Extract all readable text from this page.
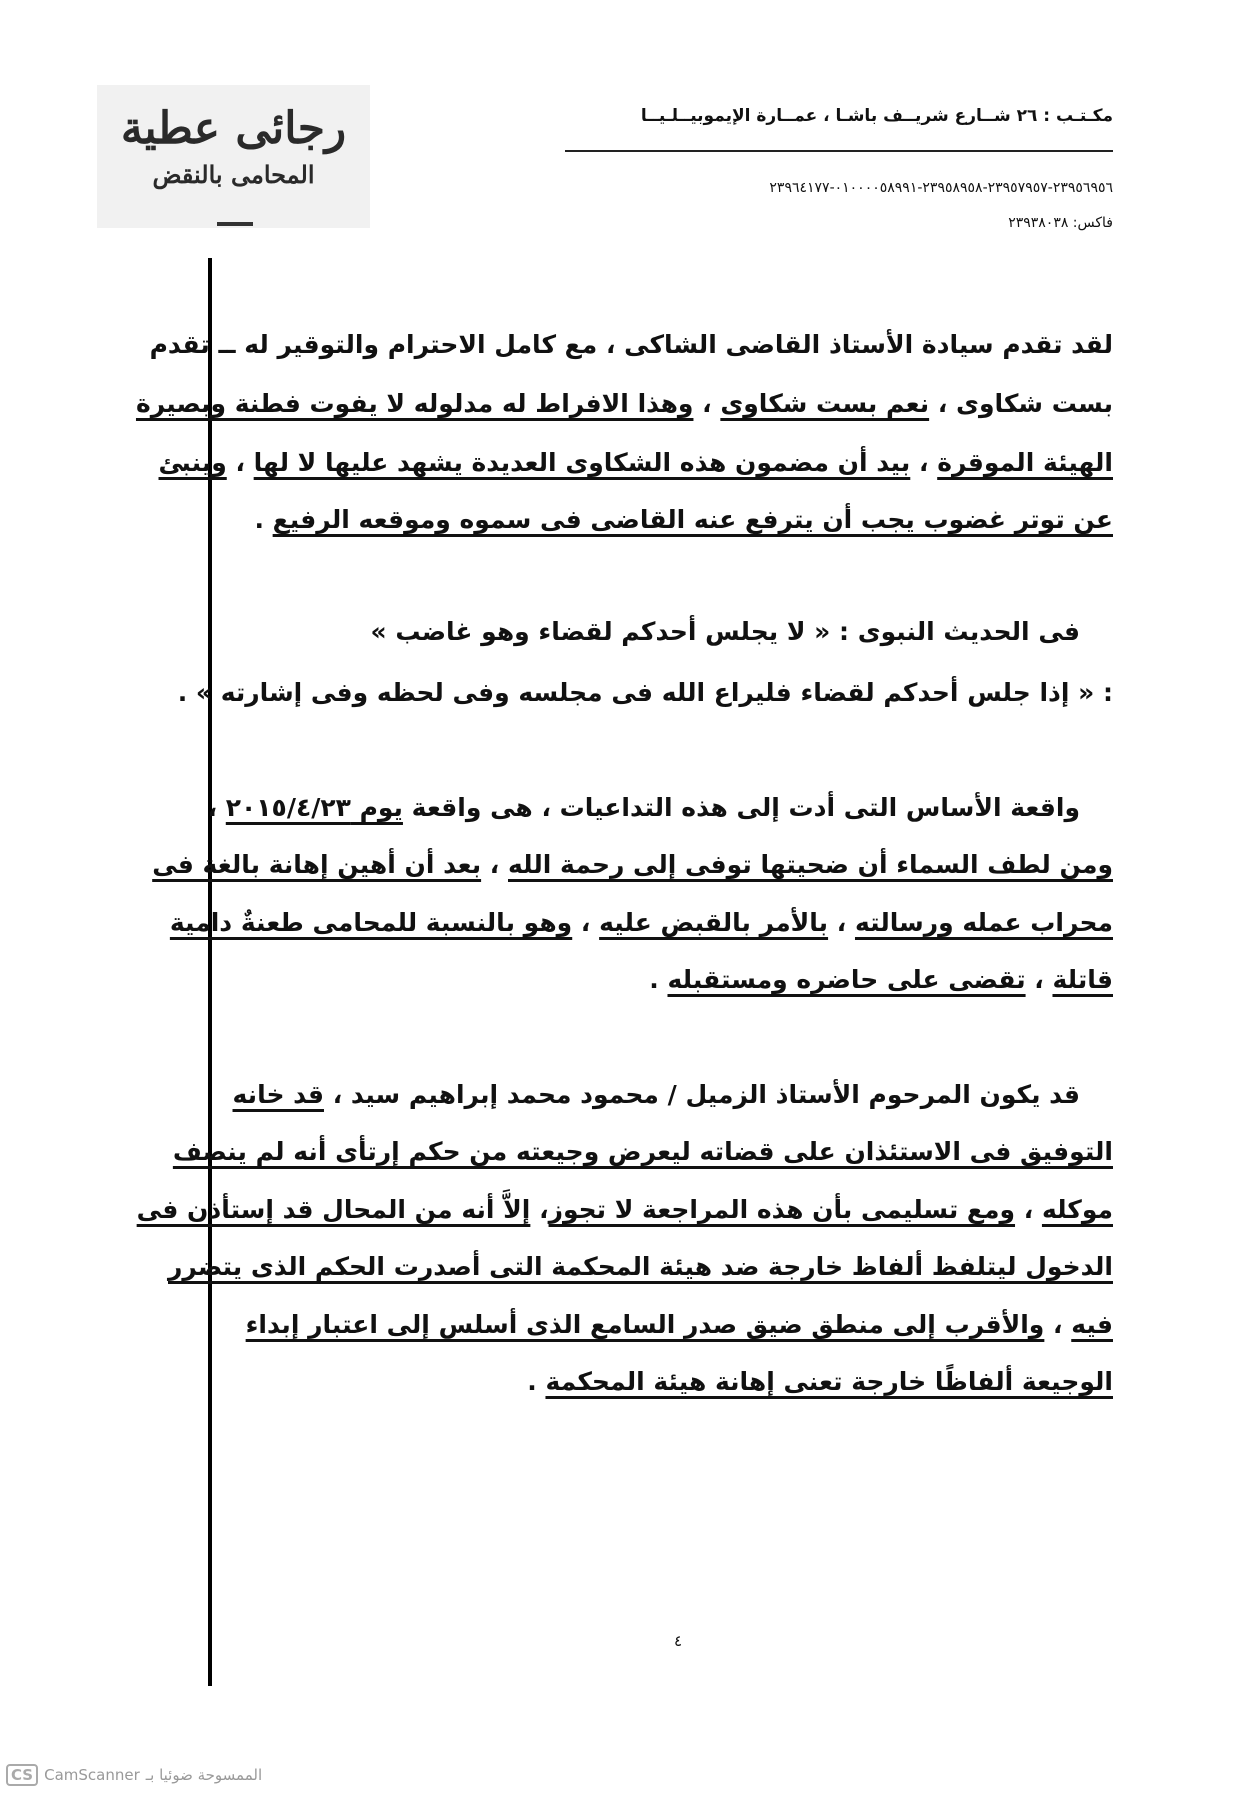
رجائى عطية
المحامى بالنقض
مكـتـب : ٢٦ شــارع شريــف باشـا ، عمــارة الإيموبيــلـيــا
٢٣٩٥٦٩٥٦-٢٣٩٥٧٩٥٧-٢٣٩٥٨٩٥٨-٠١٠٠٠٠٥٨٩٩١-٢٣٩٦٤١٧٧
فاكس: ٢٣٩٣٨٠٣٨
لقد تقدم سيادة الأستاذ القاضى الشاكى ، مع كامل الاحترام والتوقير له ــ تقدم
بست شكاوى ، نعم بست شكاوى ، وهذا الافراط له مدلوله لا يفوت فطنة وبصيرة
الهيئة الموقرة ، بيد أن مضمون هذه الشكاوى العديدة يشهد عليها لا لها ، وينبئ
عن توتر غضوب يجب أن يترفع عنه القاضى فى سموه وموقعه الرفيع .
فى الحديث النبوى : « لا يجلس أحدكم لقضاء وهو غاضب »
: « إذا جلس أحدكم لقضاء فليراع الله فى مجلسه وفى لحظه وفى إشارته » .
واقعة الأساس التى أدت إلى هذه التداعيات ، هى واقعة يوم ٢٠١٥/٤/٢٣ ،
ومن لطف السماء أن ضحيتها توفى إلى رحمة الله ، بعد أن أهين إهانة بالغة فى
محراب عمله ورسالته ، بالأمر بالقبض عليه ، وهو بالنسبة للمحامى طعنةٌ دامية
قاتلة ، تقضى على حاضره ومستقبله .
قد يكون المرحوم الأستاذ الزميل / محمود محمد إبراهيم سيد ، قد خانه
التوفيق فى الاستئذان على قضاته ليعرض وجيعته من حكم إرتأى أنه لم ينصف
موكله ، ومع تسليمى بأن هذه المراجعة لا تجوز، إلاَّ أنه من المحال قد إستأذن فى
الدخول ليتلفظ ألفاظ خارجة ضد هيئة المحكمة التى أصدرت الحكم الذى يتضرر
فيه ، والأقرب إلى منطق ضيق صدر السامع الذى أسلس إلى اعتبار إبداء
الوجيعة ألفاظًا خارجة تعنى إهانة هيئة المحكمة .
٤
CS CamScanner الممسوحة ضوئيا بـ
